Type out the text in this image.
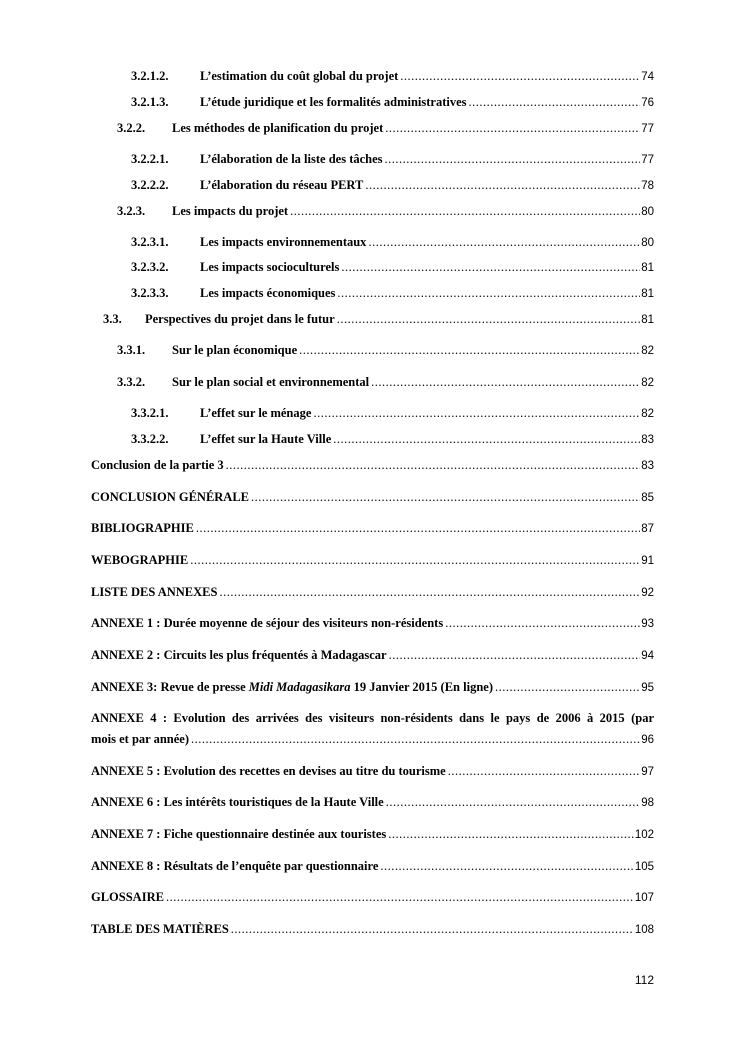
3.2.1.2.	L’estimation du coût global du projet .....	74
3.2.1.3.	L’étude juridique et les formalités administratives .....	76
3.2.2.	Les méthodes de planification du projet .....	77
3.2.2.1.	L’élaboration de la liste des tâches .....	77
3.2.2.2.	L’élaboration du réseau PERT .....	78
3.2.3.	Les impacts du projet .....	80
3.2.3.1.	Les impacts environnementaux .....	80
3.2.3.2.	Les impacts socioculturels .....	81
3.2.3.3.	Les impacts économiques .....	81
3.3.	Perspectives du projet dans le futur .....	81
3.3.1.	Sur le plan économique .....	82
3.3.2.	Sur le plan social et environnemental .....	82
3.3.2.1.	L’effet sur le ménage .....	82
3.3.2.2.	L’effet sur la Haute Ville .....	83
Conclusion de la partie 3 .....	83
CONCLUSION GÉNÉRALE .....	85
BIBLIOGRAPHIE .....	87
WEBOGRAPHIE .....	91
LISTE DES ANNEXES .....	92
ANNEXE 1 : Durée moyenne de séjour des visiteurs non-résidents .....	93
ANNEXE 2 : Circuits les plus fréquentés à Madagascar .....	94
ANNEXE 3: Revue de presse Midi Madagasikara 19 Janvier 2015 (En ligne) .....	95
ANNEXE 4 : Evolution des arrivées des visiteurs non-résidents dans le pays de 2006 à 2015 (par
mois et par année) .....	96
ANNEXE 5 : Evolution des recettes en devises au titre du tourisme .....	97
ANNEXE 6 : Les intérêts touristiques de la Haute Ville .....	98
ANNEXE 7 : Fiche questionnaire destinée aux touristes .....	102
ANNEXE 8 : Résultats de l’enquête par questionnaire .....	105
GLOSSAIRE .....	107
TABLE DES MATIÈRES .....	108
112
